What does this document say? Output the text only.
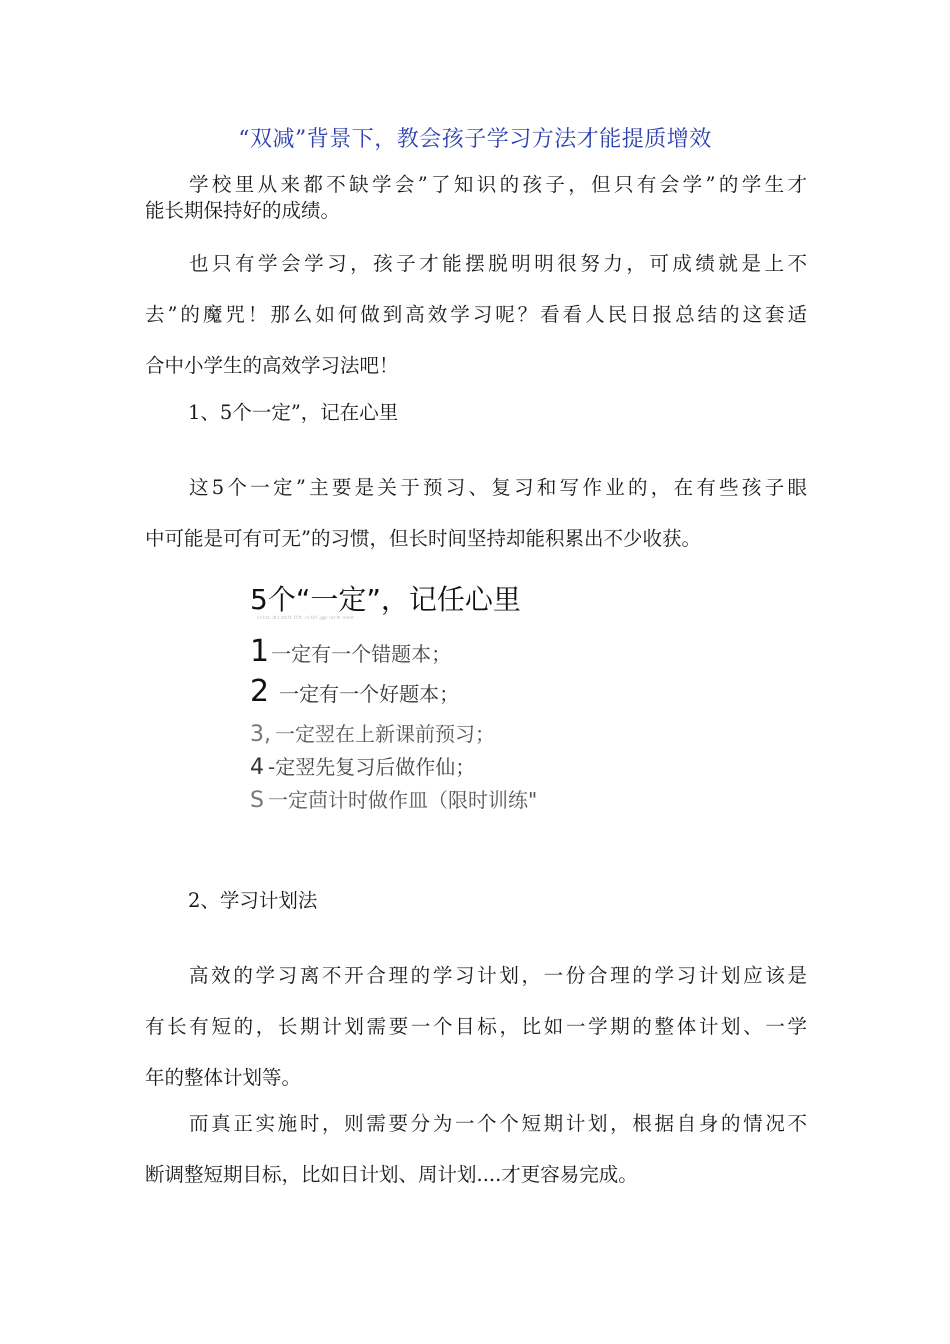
“双减”背景下，教会孩子学习方法才能提质增效
学校里从来都不缺学会”了知识的孩子，但只有会学”的学生才
能长期保持好的成绩。
也只有学会学习，孩子才能摆脱明明很努力，可成绩就是上不
去”的魔咒！那么如何做到高效学习呢？看看人民日报总结的这套适
合中小学生的高效学习法吧！
1、5个一定”，记在心里
这5个一定”主要是关于预习、复习和写作业的，在有些孩子眼
中可能是可有可无”的习惯，但长时间坚持却能积累出不少收获。
5个“一定”，记任心里
s.t.t.tc. dt.t.irct.ft. f.f.ft. .rn.f.f.f. ,ggr. ncr tt. nrnrrr
1 一定有一个错题本；
2 一定有一个好题本；
3, 一定翌在上新课前预习；
4 -定翌先复习后做作仙；
S 一定茴计时做作皿（限时训练"
2、学习计划法
高效的学习离不开合理的学习计划，一份合理的学习计划应该是
有长有短的，长期计划需要一个目标，比如一学期的整体计划、一学
年的整体计划等。
而真正实施时，则需要分为一个个短期计划，根据自身的情况不
断调整短期目标，比如日计划、周计划....才更容易完成。
